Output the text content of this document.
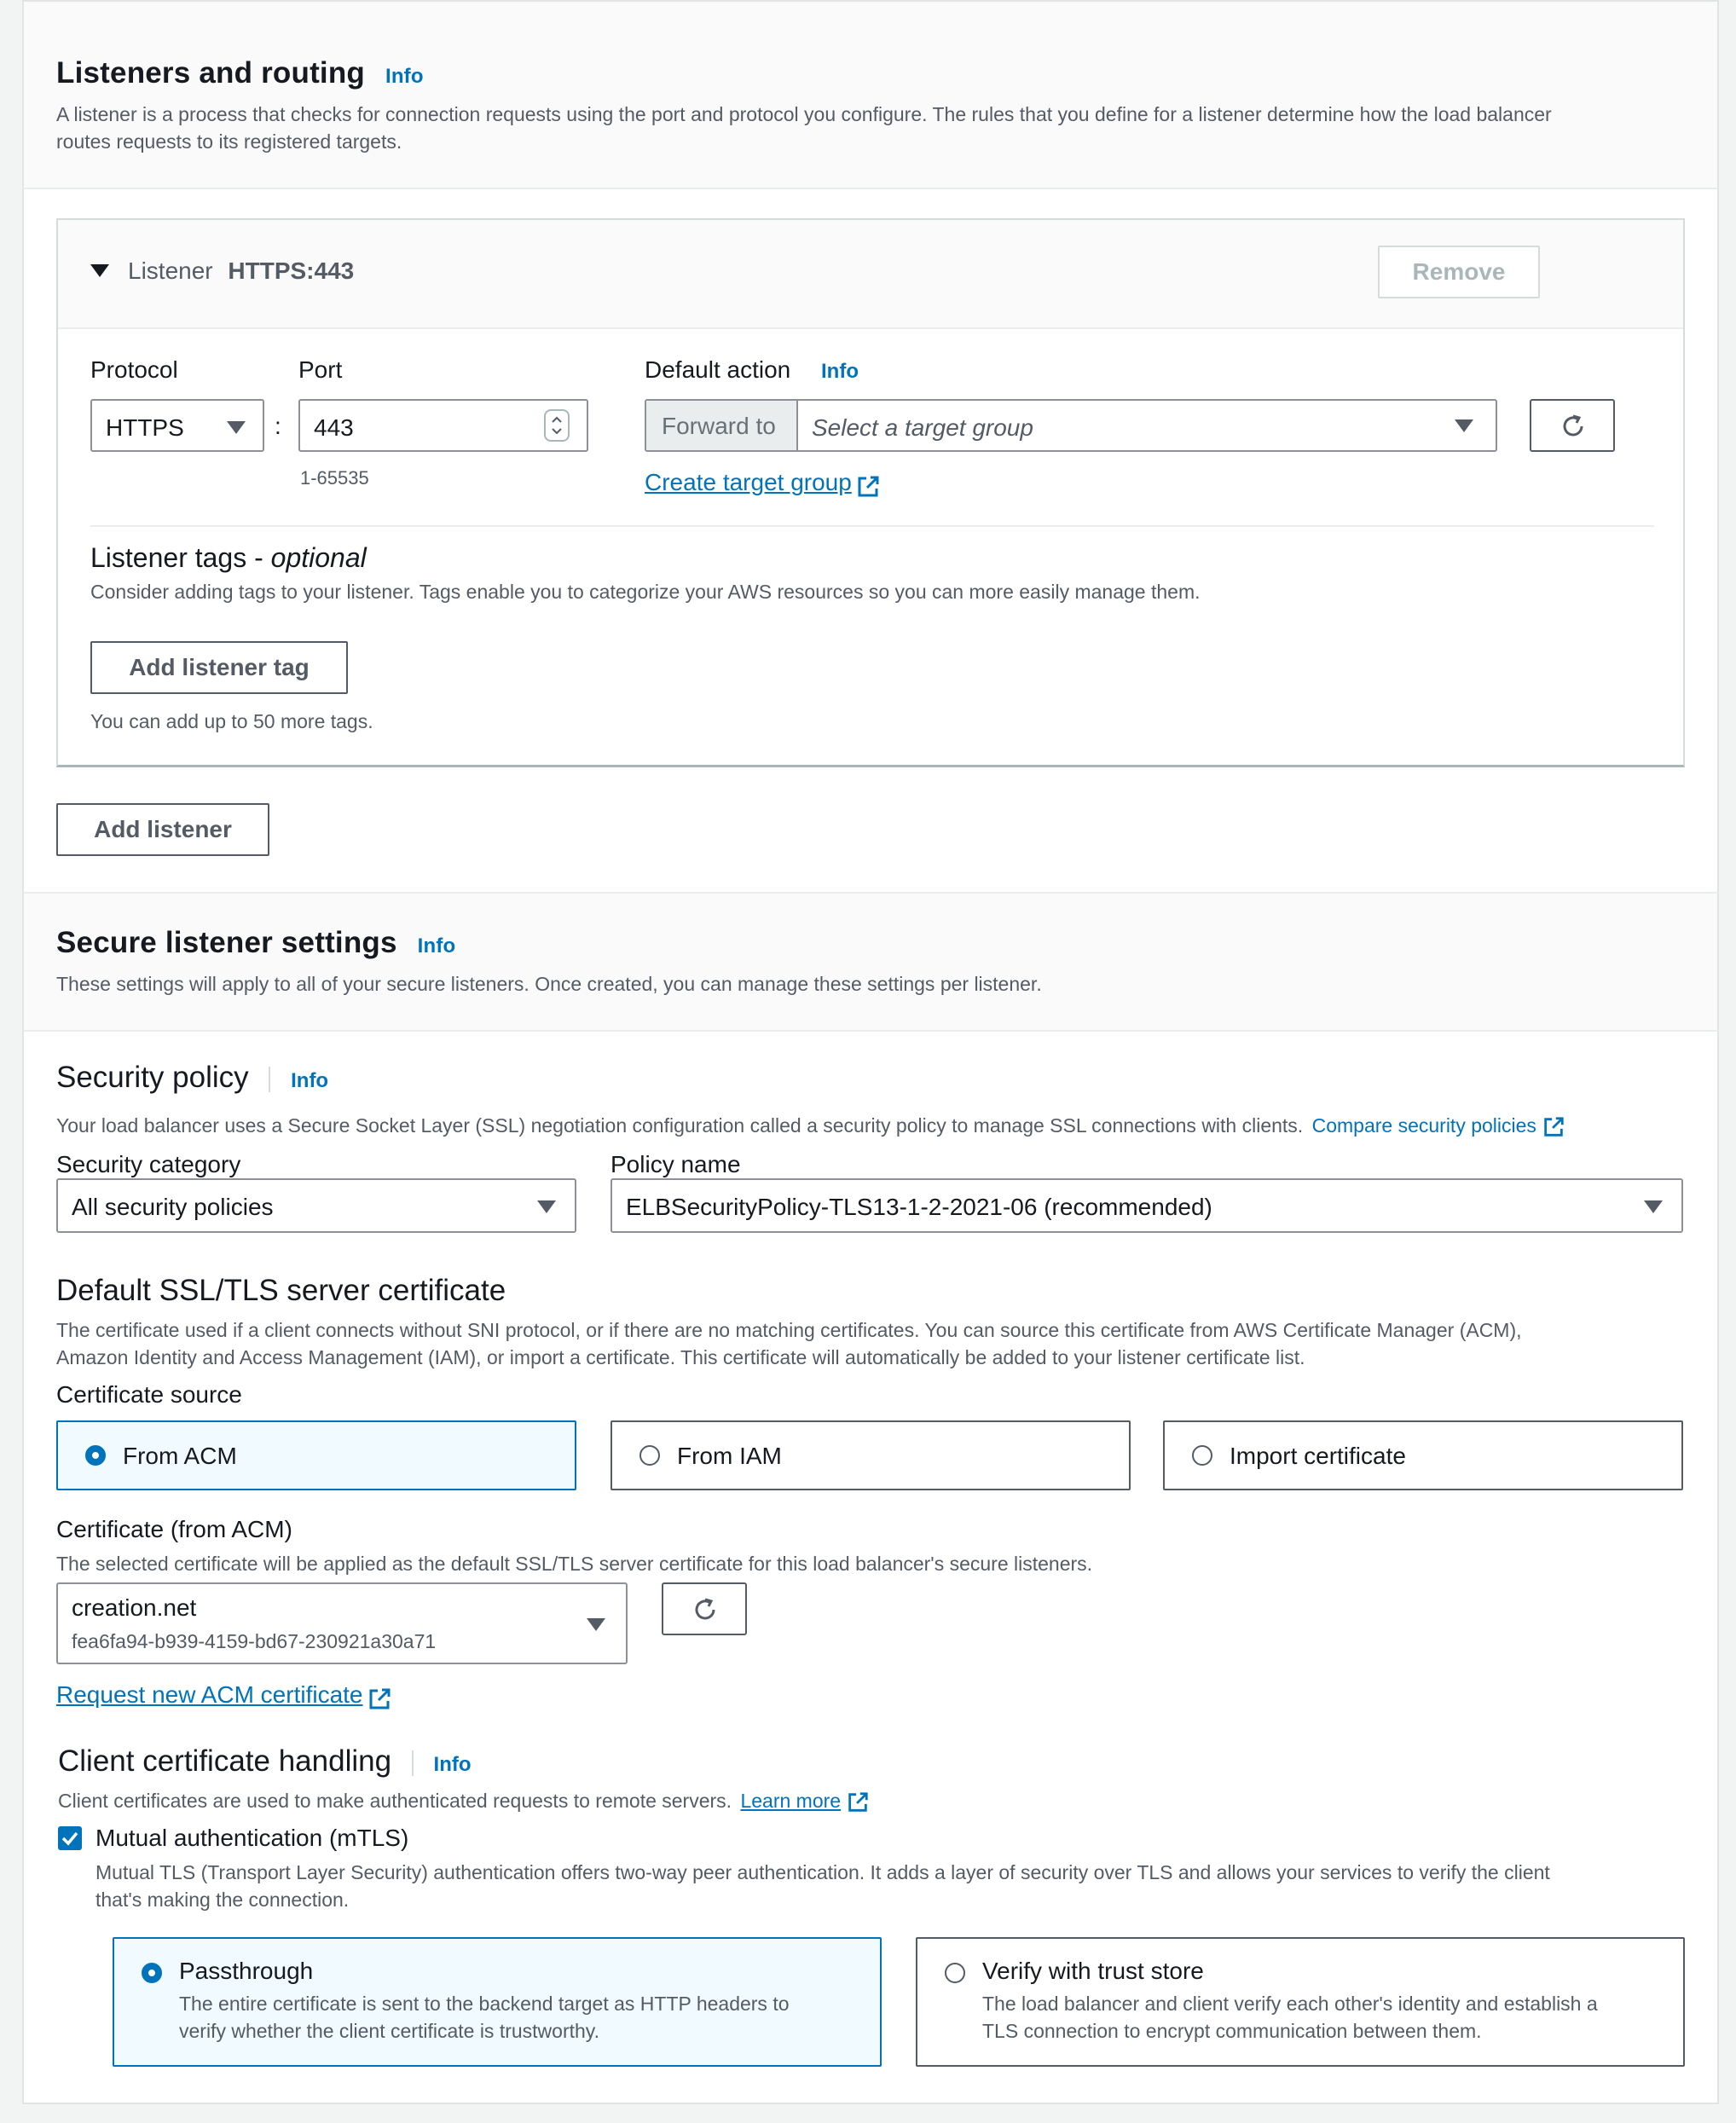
Listeners and routing Info
A listener is a process that checks for connection requests using the port and protocol you configure. The rules that you define for a listener determine how the load balancer
routes requests to its registered targets.
Listener HTTPS:443	Remove
Protocol
HTTPS	:
Port
443
1-65535
Default action Info
Forward to Select a target group
Create target group
Listener tags - optional
Consider adding tags to your listener. Tags enable you to categorize your AWS resources so you can more easily manage them.
Add listener tag
You can add up to 50 more tags.
Add listener
Secure listener settings Info
These settings will apply to all of your secure listeners. Once created, you can manage these settings per listener.
Security policy Info
Your load balancer uses a Secure Socket Layer (SSL) negotiation configuration called a security policy to manage SSL connections with clients. Compare security policies
Security category
All security policies
Policy name
ELBSecurityPolicy-TLS13-1-2-2021-06 (recommended)
Default SSL/TLS server certificate
The certificate used if a client connects without SNI protocol, or if there are no matching certificates. You can source this certificate from AWS Certificate Manager (ACM),
Amazon Identity and Access Management (IAM), or import a certificate. This certificate will automatically be added to your listener certificate list.
Certificate source
From ACM	From IAM	Import certificate
Certificate (from ACM)
The selected certificate will be applied as the default SSL/TLS server certificate for this load balancer's secure listeners.
creation.net
fea6fa94-b939-4159-bd67-230921a30a71
Request new ACM certificate
Client certificate handling Info
Client certificates are used to make authenticated requests to remote servers. Learn more
Mutual authentication (mTLS)
Mutual TLS (Transport Layer Security) authentication offers two-way peer authentication. It adds a layer of security over TLS and allows your services to verify the client
that's making the connection.
Passthrough
The entire certificate is sent to the backend target as HTTP headers to
verify whether the client certificate is trustworthy.
Verify with trust store
The load balancer and client verify each other's identity and establish a
TLS connection to encrypt communication between them.
